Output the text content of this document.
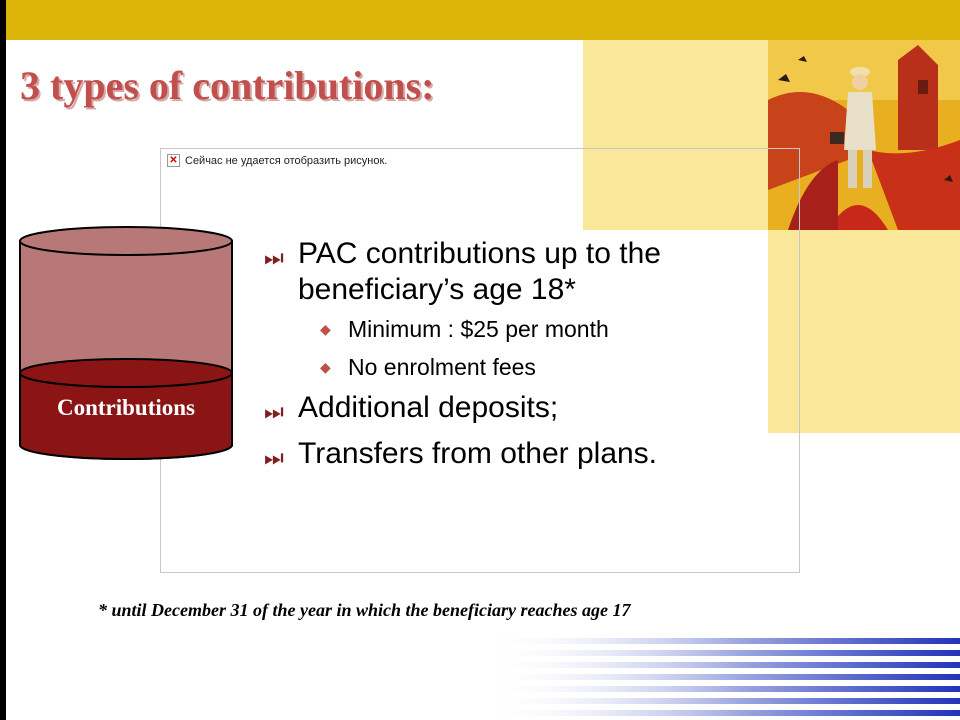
3 types of contributions:
✕ Сейчас не удается отобразить рисунок.
Contributions
⏭ PAC contributions up to the beneficiary’s age 18*
◆ Minimum : $25 per month
◆ No enrolment fees
⏭ Additional deposits;
⏭ Transfers from other plans.
* until December 31 of the year in which the beneficiary reaches age 17
